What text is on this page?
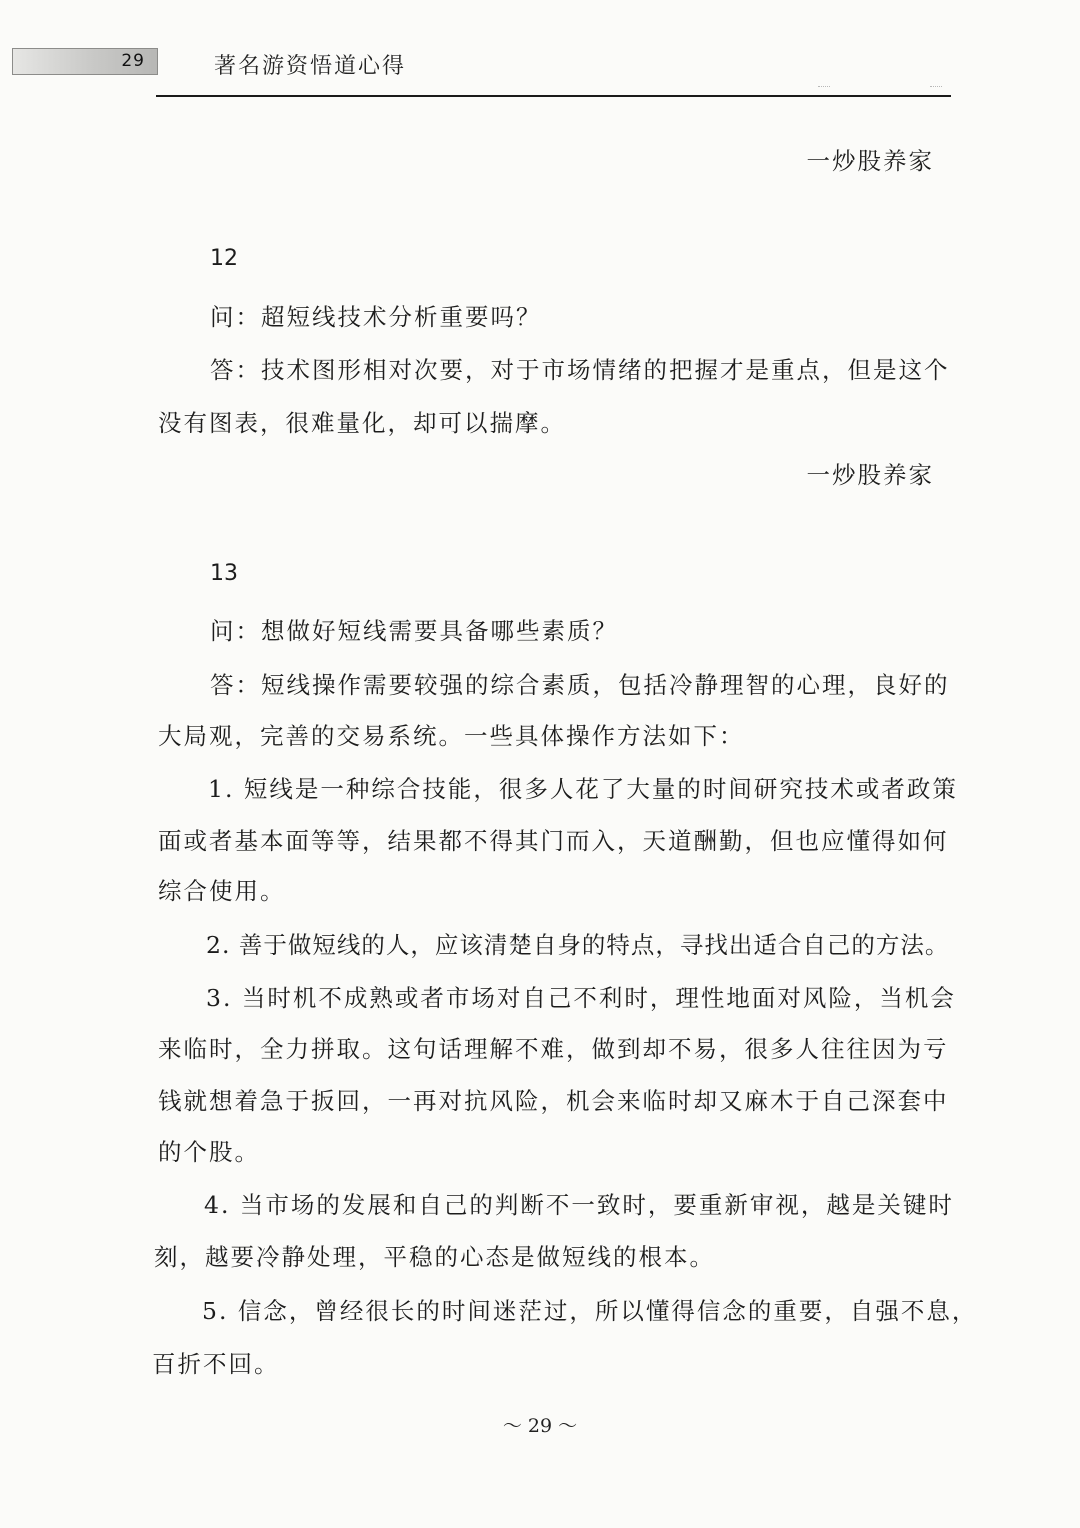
29	著名游资悟道心得
一炒股养家
12
问：超短线技术分析重要吗？
答：技术图形相对次要，对于市场情绪的把握才是重点，但是这个
没有图表，很难量化，却可以揣摩。
一炒股养家
13
问：想做好短线需要具备哪些素质？
答：短线操作需要较强的综合素质，包括冷静理智的心理，良好的
大局观，完善的交易系统。一些具体操作方法如下：
1. 短线是一种综合技能，很多人花了大量的时间研究技术或者政策
面或者基本面等等，结果都不得其门而入，天道酬勤，但也应懂得如何
综合使用。
2. 善于做短线的人，应该清楚自身的特点，寻找出适合自己的方法。
3. 当时机不成熟或者市场对自己不利时，理性地面对风险，当机会
来临时，全力拼取。这句话理解不难，做到却不易，很多人往往因为亏
钱就想着急于扳回，一再对抗风险，机会来临时却又麻木于自己深套中
的个股。
4. 当市场的发展和自己的判断不一致时，要重新审视，越是关键时
刻，越要冷静处理，平稳的心态是做短线的根本。
5. 信念，曾经很长的时间迷茫过，所以懂得信念的重要，自强不息，
百折不回。
～ 29 ～
